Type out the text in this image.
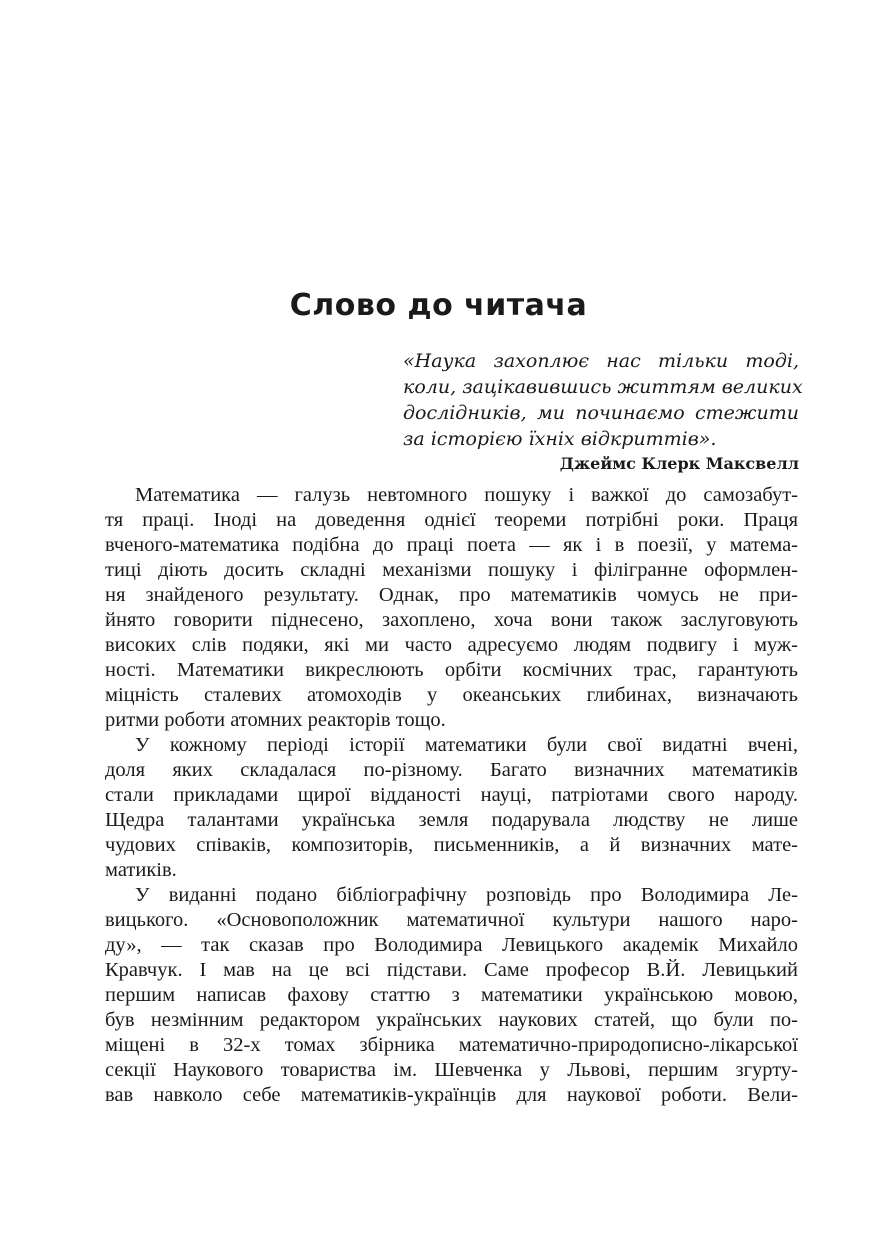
Слово до читача
«Наука захоплює нас тільки тоді,
коли, зацікавившись життям великих
дослідників, ми починаємо стежити
за історією їхніх відкриттів».
Джеймс Клерк Максвелл
Математика — галузь невтомного пошуку і важкої до самозабут-
тя праці. Іноді на доведення однієї теореми потрібні роки. Праця
вченого-математика подібна до праці поета — як і в поезії, у матема-
тиці діють досить складні механізми пошуку і філігранне оформлен-
ня знайденого результату. Однак, про математиків чомусь не при-
йнято говорити піднесено, захоплено, хоча вони також заслуговують
високих слів подяки, які ми часто адресуємо людям подвигу і муж-
ності. Математики викреслюють орбіти космічних трас, гарантують
міцність сталевих атомоходів у океанських глибинах, визначають
ритми роботи атомних реакторів тощо.
У кожному періоді історії математики були свої видатні вчені,
доля яких складалася по-різному. Багато визначних математиків
стали прикладами щирої відданості науці, патріотами свого народу.
Щедра талантами українська земля подарувала людству не лише
чудових співаків, композиторів, письменників, а й визначних мате-
матиків.
У виданні подано бібліографічну розповідь про Володимира Ле-
вицького. «Основоположник математичної культури нашого наро-
ду», — так сказав про Володимира Левицького академік Михайло
Кравчук. І мав на це всі підстави. Саме професор В.Й. Левицький
першим написав фахову статтю з математики українською мовою,
був незмінним редактором українських наукових статей, що були по-
міщені в 32-х томах збірника математично-природописно-лікарської
секції Наукового товариства ім. Шевченка у Львові, першим згурту-
вав навколо себе математиків-українців для наукової роботи. Вели-
